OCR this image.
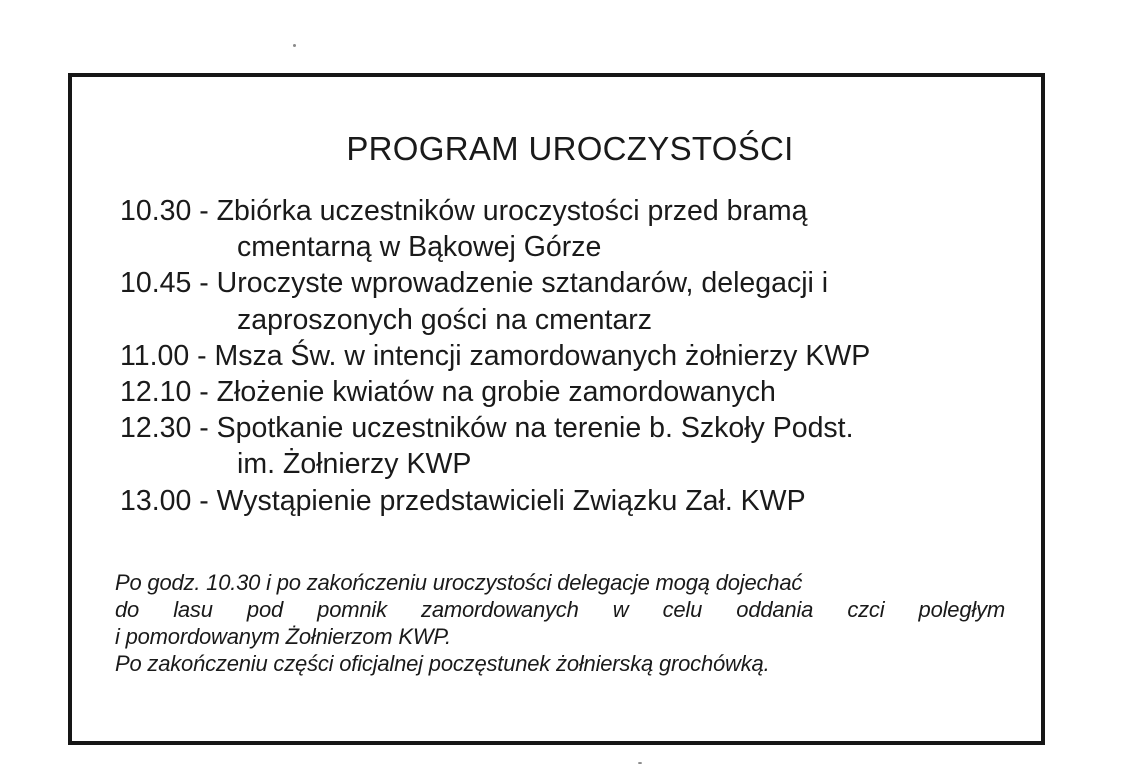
PROGRAM UROCZYSTOŚCI
10.30 - Zbiórka uczestników uroczystości przed bramą
cmentarną w Bąkowej Górze
10.45 - Uroczyste wprowadzenie sztandarów, delegacji i
zaproszonych gości na cmentarz
11.00 - Msza Św. w intencji zamordowanych żołnierzy KWP
12.10 - Złożenie kwiatów na grobie zamordowanych
12.30 - Spotkanie uczestników na terenie b. Szkoły Podst.
im. Żołnierzy KWP
13.00 - Wystąpienie przedstawicieli Związku Zał. KWP

Po godz. 10.30 i po zakończeniu uroczystości delegacje mogą dojechać

do lasu pod pomnik zamordowanych w celu oddania czci poległym

i pomordowanym Żołnierzom KWP.

Po zakończeniu części oficjalnej poczęstunek żołnierską grochówką.
